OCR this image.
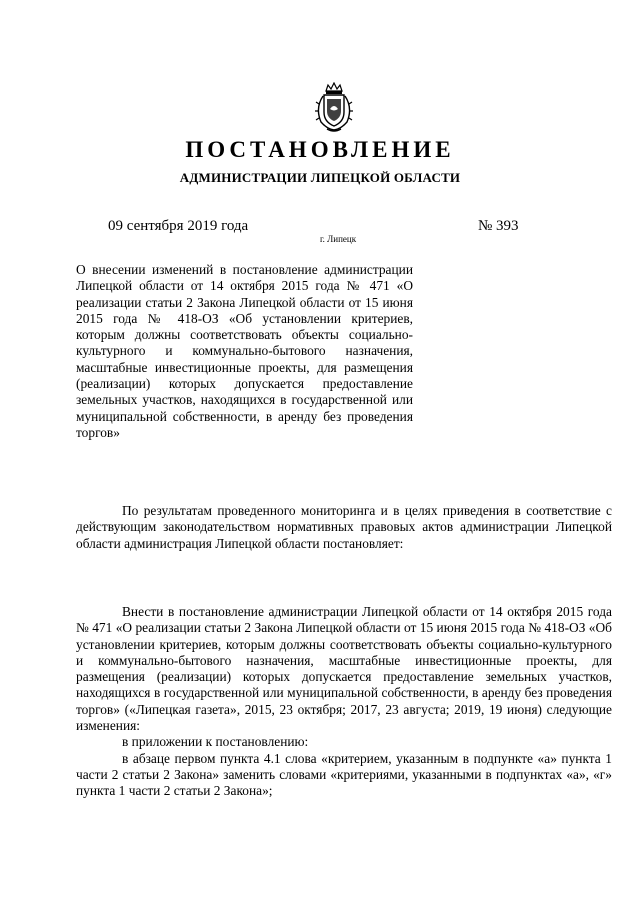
ПОСТАНОВЛЕНИЕ
АДМИНИСТРАЦИИ ЛИПЕЦКОЙ ОБЛАСТИ
09 сентября 2019 года
г. Липецк
№ 393
О внесении изменений в постановление администрации Липецкой области от 14 октября 2015 года № 471 «О реализации статьи 2 Закона Липецкой области от 15 июня 2015 года № 418-ОЗ «Об установлении критериев, которым должны соответствовать объекты социально-культурного и коммунально-бытового назначения, масштабные инвестиционные проекты, для размещения (реализации) которых допускается предоставление земельных участков, находящихся в государственной или муниципальной собственности, в аренду без проведения торгов»

По результатам проведенного мониторинга и в целях приведения в соответствие с действующим законодательством нормативных правовых актов администрации Липецкой области администрация Липецкой области постановляет:

Внести в постановление администрации Липецкой области от 14 октября 2015 года № 471 «О реализации статьи 2 Закона Липецкой области от 15 июня 2015 года № 418-ОЗ «Об установлении критериев, которым должны соответствовать объекты социально-культурного и коммунально-бытового назначения, масштабные инвестиционные проекты, для размещения (реализации) которых допускается предоставление земельных участков, находящихся в государственной или муниципальной собственности, в аренду без проведения торгов» («Липецкая газета», 2015, 23 октября; 2017, 23 августа; 2019, 19 июня) следующие изменения:

в приложении к постановлению:

в абзаце первом пункта 4.1 слова «критерием, указанным в подпункте «а» пункта 1 части 2 статьи 2 Закона» заменить словами «критериями, указанными в подпунктах «а», «г» пункта 1 части 2 статьи 2 Закона»;
